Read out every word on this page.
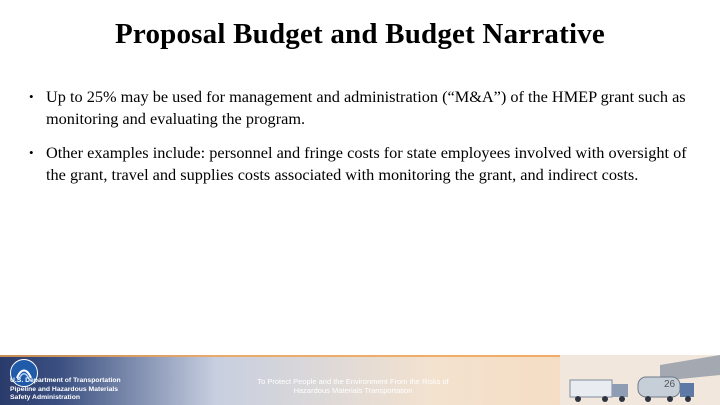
Proposal Budget and Budget Narrative
• Up to 25% may be used for management and administration (“M&A”) of the HMEP grant such as monitoring and evaluating the program.
• Other examples include: personnel and fringe costs for state employees involved with oversight of the grant, travel and supplies costs associated with monitoring the grant, and indirect costs.
U.S. Department of Transportation
Pipeline and Hazardous Materials
Safety Administration
To Protect People and the Environment From the Risks of
Hazardous Materials Transportation
26
